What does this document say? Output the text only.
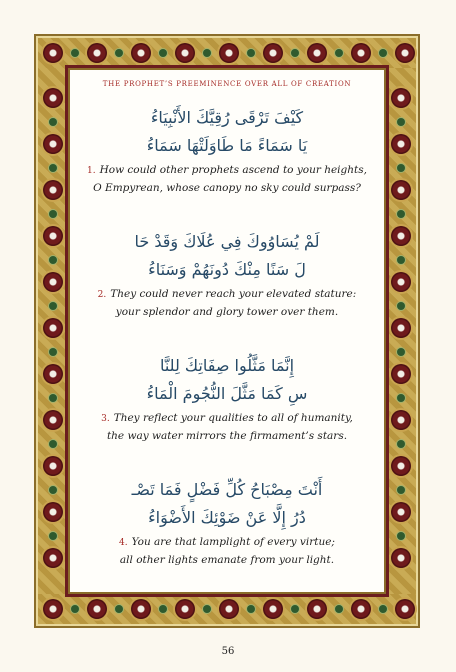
THE PROPHET’S PREEMINENCE OVER ALL OF CREATION
كَيْفَ تَرْقَى رُقِيَّكَ الأَنْبِيَاءُ
يَا سَمَاءً مَا طَاوَلَتْهَا سَمَاءُ
1. How could other prophets ascend to your heights,
O Empyrean, whose canopy no sky could surpass?
لَمْ يُسَاوُوكَ فِي عُلَاكَ وَقَدْ حَا
لَ سَنًا مِنْكَ دُونَهُمْ وَسَنَاءُ
2. They could never reach your elevated stature:
your splendor and glory tower over them.
إِنَّمَا مَثَّلُوا صِفَاتِكَ لِلنَّا
سِ كَمَا مَثَّلَ النُّجُومَ الْمَاءُ
3. They reflect your qualities to all of humanity,
the way water mirrors the firmament’s stars.
أَنْتَ مِصْبَاحُ كُلِّ فَضْلٍ فَمَا تَصْـ
دُرُ إِلَّا عَنْ ضَوْئِكَ الأَضْوَاءُ
4. You are that lamplight of every virtue;
all other lights emanate from your light.
56
